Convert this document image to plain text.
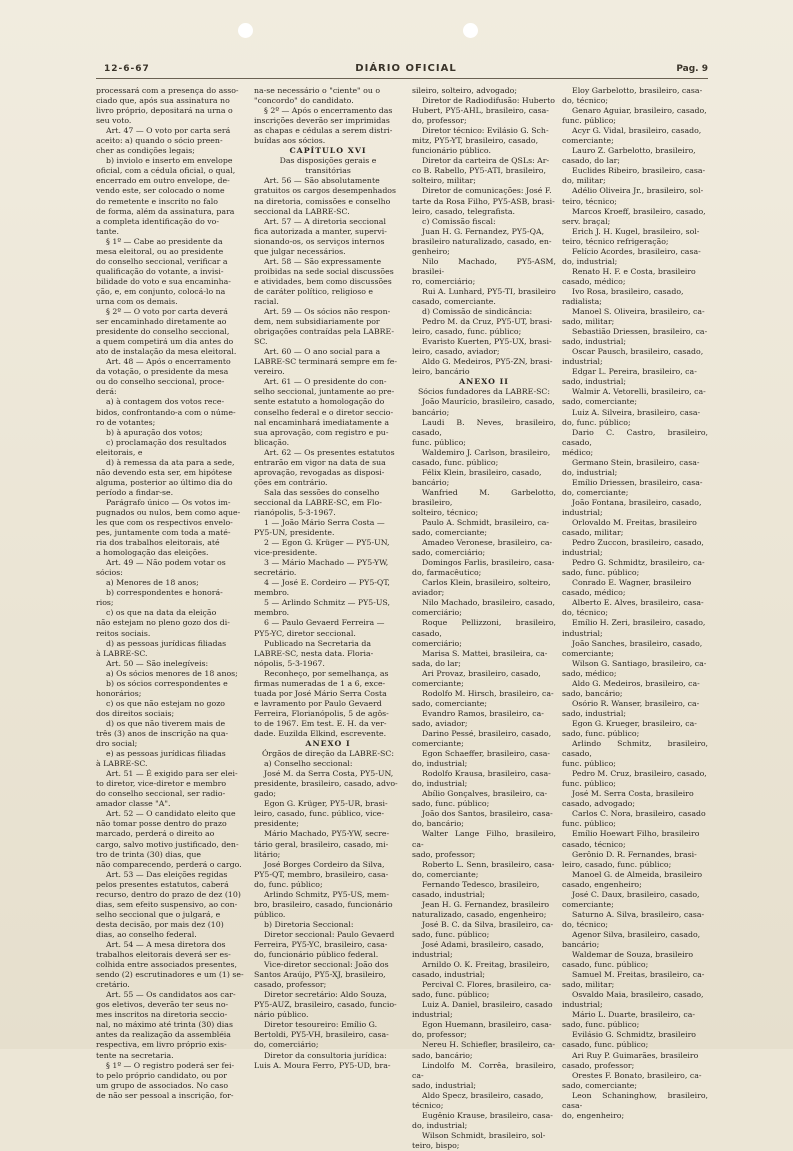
12-6-67	DIÁRIO OFICIAL	Pag. 9

processará com a presença do asso-

ciado que, após sua assinatura no

livro próprio, depositará na urna o

seu voto.

Art. 47 — O voto por carta será

aceito: a) quando o sócio preen-

cher as condições legais;

b) inviolo e inserto em envelope

oficial, com a cédula oficial, o qual,

encerrado em outro envelope, de-

vendo este, ser colocado o nome

do remetente e inscrito no falo

de forma, além da assinatura, para

a completa identificação do vo-

tante.

§ 1º — Cabe ao presidente da

mesa eleitoral, ou ao presidente

do conselho seccional, verificar a

qualificação do votante, a invisi-

bilidade do voto e sua encaminha-

ção, e, em conjunto, colocá-lo na

urna com os demais.

§ 2º — O voto por carta deverá

ser encaminhado diretamente ao

presidente do conselho seccional,

a quem competirá um dia antes do

ato de instalação da mesa eleitoral.

Art. 48 — Após o encerramento

da votação, o presidente da mesa

ou do conselho seccional, proce-

derá:

a) à contagem dos votos rece-

bidos, confrontando-a com o núme-

ro de votantes;

b) à apuração dos votos;

c) proclamação dos resultados

eleitorais, e

d) à remessa da ata para a sede,

não devendo esta ser, em hipótese

alguma, posterior ao último dia do

período a findar-se.

Parágrafo único — Os votos im-

pugnados ou nulos, bem como aque-

les que com os respectivos envelo-

pes, juntamente com toda a maté-

ria dos trabalhos eleitorais, até

a homologação das eleições.

Art. 49 — Não podem votar os

sócios:

a) Menores de 18 anos;

b) correspondentes e honorá-

rios;

c) os que na data da eleição

não estejam no pleno gozo dos di-

reitos sociais.

d) as pessoas jurídicas filiadas

à LABRE-SC.

Art. 50 — São inelegíveis:

a) Os sócios menores de 18 anos;

b) os sócios correspondentes e

honorários;

c) os que não estejam no gozo

dos direitos sociais;

d) os que não tiverem mais de

três (3) anos de inscrição na qua-

dro social;

e) as pessoas jurídicas filiadas

à LABRE-SC.

Art. 51 — É exigido para ser elei-

to diretor, vice-diretor e membro

do conselho seccional, ser radio-

amador classe "A".

Art. 52 — O candidato eleito que

não tomar posse dentro do prazo

marcado, perderá o direito ao

cargo, salvo motivo justificado, den-

tro de trinta (30) dias, que

não comparecendo, perderá o cargo.

Art. 53 — Das eleições regidas

pelos presentes estatutos, caberá

recurso, dentro do prazo de dez (10)

dias, sem efeito suspensivo, ao con-

selho seccional que o julgará, e

desta decisão, por mais dez (10)

dias, ao conselho federal.

Art. 54 — A mesa diretora dos

trabalhos eleitorais deverá ser es-

colhida entre associados presentes,

sendo (2) escrutinadores e um (1) se-

cretário.

Art. 55 — Os candidatos aos car-

gos eletivos, deverão ter seus no-

mes inscritos na diretoria seccio-

nal, no máximo até trinta (30) dias

antes da realização da assembléia

respectiva, em livro próprio exis-

tente na secretaria.

§ 1º — O registro poderá ser fei-

to pelo próprio candidato, ou por

um grupo de associados. No caso

de não ser pessoal a inscrição, for-

na-se necessário o "ciente" ou o

"concordo" do candidato.

§ 2º — Após o encerramento das

inscrições deverão ser imprimidas

as chapas e cédulas a serem distri-

buídas aos sócios.

CAPÍTULO XVI

Das disposições gerais e

transitórias

Art. 56 — São absolutamente

gratuitos os cargos desempenhados

na diretoria, comissões e conselho

seccional da LABRE-SC.

Art. 57 — A diretoria seccional

fica autorizada a manter, supervi-

sionando-os, os serviços internos

que julgar necessários.

Art. 58 — São expressamente

proibidas na sede social discussões

e atividades, bem como discussões

de caráter político, religioso e

racial.

Art. 59 — Os sócios não respon-

dem, nem subsidiariamente por

obrigações contraídas pela LABRE-

SC.

Art. 60 — O ano social para a

LABRE-SC terminará sempre em fe-

vereiro.

Art. 61 — O presidente do con-

selho seccional, juntamente ao pre-

sente estatuto a homologação do

conselho federal e o diretor seccio-

nal encaminhará imediatamente a

sua aprovação, com registro e pu-

blicação.

Art. 62 — Os presentes estatutos

entrarão em vigor na data de sua

aprovação, revogadas as disposi-

ções em contrário.

Sala das sessões do conselho

seccional da LABRE-SC, em Flo-

rianópolis, 5-3-1967.

1 — João Mário Serra Costa —

PY5-UN, presidente.

2 — Egon G. Krüger — PY5-UN,

vice-presidente.

3 — Mário Machado — PY5-YW,

secretário.

4 — José E. Cordeiro — PY5-QT,

membro.

5 — Arlindo Schmitz — PY5-US,

membro.

6 — Paulo Gevaerd Ferreira —

PY5-YC, diretor seccional.

Publicado na Secretaria da

LABRE-SC, nesta data. Floria-

nópolis, 5-3-1967.

Reconheço, por semelhança, as

firmas numeradas de 1 a 6, exce-

tuada por José Mário Serra Costa

e lavramento por Paulo Gevaerd

Ferreira, Florianópolis, 5 de agôs-

to de 1967. Em test. E. H. da ver-

dade. Euzilda Elkind, escrevente.

ANEXO I

Órgãos de direção da LABRE-SC:

a) Conselho seccional:

José M. da Serra Costa, PY5-UN,

presidente, brasileiro, casado, advo-

gado;

Egon G. Krüger, PY5-UR, brasi-

leiro, casado, func. público, vice-

presidente;

Mário Machado, PY5-YW, secre-

tário geral, brasileiro, casado, mi-

litário;

José Borges Cordeiro da Silva,

PY5-QT, membro, brasileiro, casa-

do, func. público;

Arlindo Schmitz, PY5-US, mem-

bro, brasileiro, casado, funcionário

público.

b) Diretoria Seccional:

Diretor seccional: Paulo Gevaerd

Ferreira, PY5-YC, brasileiro, casa-

do, funcionário público federal.

Vice-diretor seccional: João dos

Santos Araújo, PY5-XJ, brasileiro,

casado, professor;

Diretor secretário: Aldo Souza,

PY5-AUZ, brasileiro, casado, funcio-

nário público.

Diretor tesoureiro: Emílio G.

Bertoldi, PY5-VH, brasileiro, casa-

do, comerciário;

Diretor da consultoria jurídica:

Luis A. Moura Ferro, PY5-UD, bra-

sileiro, solteiro, advogado;

Diretor de Radiodifusão: Huberto

Hubert, PY5-AHL, brasileiro, casa-

do, professor;

Diretor técnico: Evilásio G. Sch-

mitz, PY5-YT, brasileiro, casado,

funcionário público.

Diretor da carteira de QSLs: Ar-

co B. Rabello, PY5-ATI, brasileiro,

solteiro, militar;

Diretor de comunicações: José F.

tarte da Rosa Filho, PY5-ASB, brasi-

leiro, casado, telegrafista.

c) Comissão fiscal:

Juan H. G. Fernandez, PY5-QA,

brasileiro naturalizado, casado, en-

genheiro;

Nilo Machado, PY5-ASM, brasilei-

ro, comerciário;

Rui A. Lunhard, PY5-TI, brasileiro

casado, comerciante.

d) Comissão de sindicância:

Pedro M. da Cruz, PY5-UT, brasi-

leiro, casado, func. público;

Evaristo Kuerten, PY5-UX, brasi-

leiro, casado, aviador;

Aldo G. Medeiros, PY5-ZN, brasi-

leiro, bancário

ANEXO II

Sócios fundadores da LABRE-SC:

João Maurício, brasileiro, casado,

bancário;

Laudi B. Neves, brasileiro, casado,

func. público;

Waldemiro J. Carlson, brasileiro,

casado, func. público;

Félix Klein, brasileiro, casado,

bancário;

Wanfried M. Garbelotto, brasileiro,

solteiro, técnico;

Paulo A. Schmidt, brasileiro, ca-

sado, comerciante;

Amadeo Veronese, brasileiro, ca-

sado, comerciário;

Domingos Farlis, brasileiro, casa-

do, farmacêutico;

Carlos Klein, brasileiro, solteiro,

aviador;

Nilo Machado, brasileiro, casado,

comerciário;

Roque Pellizzoni, brasileiro, casado,

comerciário;

Marisa S. Mattei, brasileira, ca-

sada, do lar;

Ari Provaz, brasileiro, casado,

comerciante;

Rodolfo M. Hirsch, brasileiro, ca-

sado, comerciante;

Evandro Ramos, brasileiro, ca-

sado, aviador;

Darino Pessé, brasileiro, casado,

comerciante;

Egon Schaeffer, brasileiro, casa-

do, industrial;

Rodolfo Krausa, brasileiro, casa-

do, industrial;

Abílio Gonçalves, brasileiro, ca-

sado, func. público;

João dos Santos, brasileiro, casa-

do, bancário;

Walter Lange Filho, brasileiro, ca-

sado, professor;

Roberto L. Senn, brasileiro, casa-

do, comerciante;

Fernando Tedesco, brasileiro,

casado, industrial;

Jean H. G. Fernandez, brasileiro

naturalizado, casado, engenheiro;

José B. C. da Silva, brasileiro, ca-

sado, func. público;

José Adami, brasileiro, casado,

industrial;

Arnildo O. K. Freitag, brasileiro,

casado, industrial;

Percival C. Flores, brasileiro, ca-

sado, func. público;

Luiz A. Daniel, brasileiro, casado

industrial;

Egon Huemann, brasileiro, casa-

do, professor;

Nereu H. Schiefler, brasileiro, ca-

sado, bancário;

Lindolfo M. Corrêa, brasileiro, ca-

sado, industrial;

Aldo Specz, brasileiro, casado,

técnico;

Eugênio Krause, brasileiro, casa-

do, industrial;

Wilson Schmidt, brasileiro, sol-

teiro, bispo;

Eloy Garbelotto, brasileiro, casa-

do, técnico;

Genaro Aguiar, brasileiro, casado,

func. público;

Acyr G. Vidal, brasileiro, casado,

comerciante;

Lauro Z. Garbelotto, brasileiro,

casado, do lar;

Euclides Ribeiro, brasileiro, casa-

do, militar;

Adélio Oliveira Jr., brasileiro, sol-

teiro, técnico;

Marcos Kroeff, brasileiro, casado,

serv. braçal;

Erich J. H. Kugel, brasileiro, sol-

teiro, técnico refrigeração;

Felício Acordes, brasileiro, casa-

do, industrial;

Renato H. F. e Costa, brasileiro

casado, médico;

Ivo Rosa, brasileiro, casado,

radialista;

Manoel S. Oliveira, brasileiro, ca-

sado, militar;

Sebastião Driessen, brasileiro, ca-

sado, industrial;

Oscar Pausch, brasileiro, casado,

industrial;

Edgar L. Pereira, brasileiro, ca-

sado, industrial;

Walmir A. Vetorelli, brasileiro, ca-

sado, comerciante;

Luiz A. Silveira, brasileiro, casa-

do, func. público;

Dario C. Castro, brasileiro, casado,

médico;

Germano Stein, brasileiro, casa-

do, industrial;

Emílio Driessen, brasileiro, casa-

do, comerciante;

João Fontana, brasileiro, casado,

industrial;

Orlovaldo M. Freitas, brasileiro

casado, militar;

Pedro Zuccon, brasileiro, casado,

industrial;

Pedro G. Schmidtz, brasileiro, ca-

sado, func. público;

Conrado E. Wagner, brasileiro

casado, médico;

Alberto E. Alves, brasileiro, casa-

do, técnico;

Emílio H. Zeri, brasileiro, casado,

industrial;

João Sanches, brasileiro, casado,

comerciante;

Wilson G. Santiago, brasileiro, ca-

sado, médico;

Aldo G. Medeiros, brasileiro, ca-

sado, bancário;

Osório R. Wanser, brasileiro, ca-

sado, industrial;

Egon G. Krueger, brasileiro, ca-

sado, func. público;

Arlindo Schmitz, brasileiro, casado,

func. público;

Pedro M. Cruz, brasileiro, casado,

func. público;

José M. Serra Costa, brasileiro

casado, advogado;

Carlos C. Nora, brasileiro, casado

func. público;

Emílio Hoewart Filho, brasileiro

casado, técnico;

Gerônio D. R. Fernandes, brasi-

leiro, casado, func. público;

Manoel G. de Almeida, brasileiro

casado, engenheiro;

José C. Daux, brasileiro, casado,

comerciante;

Saturno A. Silva, brasileiro, casa-

do, técnico;

Agenor Silva, brasileiro, casado,

bancário;

Waldemar de Souza, brasileiro

casado, func. público;

Samuel M. Freitas, brasileiro, ca-

sado, militar;

Osvaldo Maia, brasileiro, casado,

industrial;

Mário L. Duarte, brasileiro, ca-

sado, func. público;

Evilásio G. Schmidtz, brasileiro

casado, func. público;

Ari Ruy P. Guimarães, brasileiro

casado, professor;

Orestes F. Bonato, brasileiro, ca-

sado, comerciante;

Leon Schaninghow, brasileiro, casa-

do, engenheiro;
